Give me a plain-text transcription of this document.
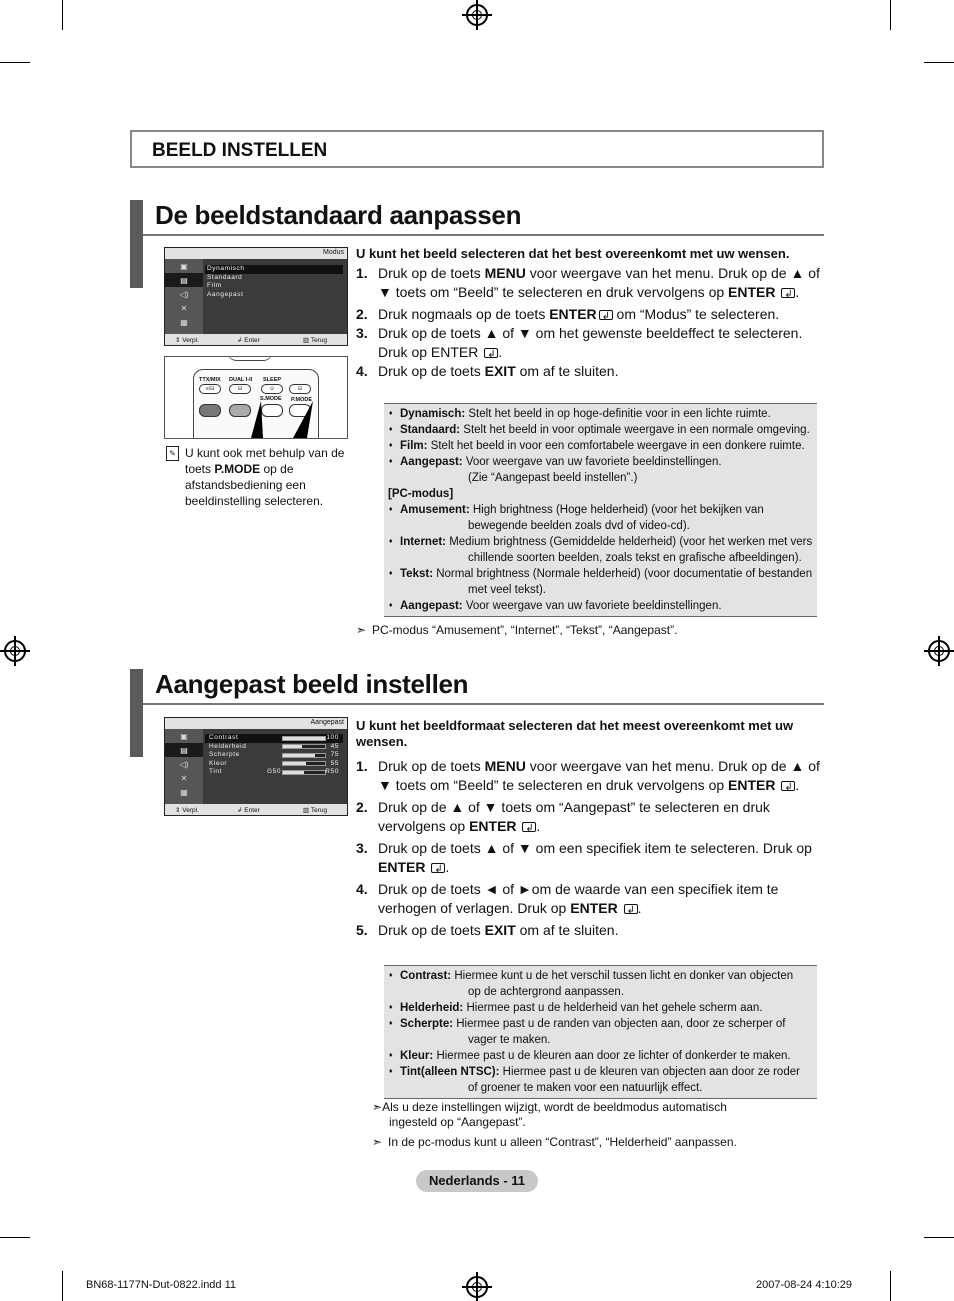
BEELD INSTELLEN
De beeldstandaard aanpassen
Modus
▣
▤
◁)
✕
▦
Dynamisch
Standaard
Film
Aangepast
⇕ Verpl.	↲ Enter	▥ Terug
TTX/MIX DUAL I-II SLEEP
≡/⊟	⊟	⊙
S.MODE P.MODE
⊟
✎ U kunt ook met behulp van de toets P.MODE op de afstandsbediening een beeldinstelling selecteren.
U kunt het beeld selecteren dat het best overeenkomt met uw wensen.
1. Druk op de toets MENU voor weergave van het menu. Druk op de ▲ of ▼ toets om “Beeld” te selecteren en druk vervolgens op ENTER ↲ .
2. Druk nogmaals op de toets ENTER↲ om “Modus” te selecteren.
3. Druk op de toets ▲ of ▼ om het gewenste beeldeffect te selecteren. Druk op ENTER ↲.
4. Druk op de toets EXIT om af te sluiten.
♦ Dynamisch: Stelt het beeld in op hoge-definitie voor in een lichte ruimte.
♦ Standaard: Stelt het beeld in voor optimale weergave in een normale omgeving.
♦ Film: Stelt het beeld in voor een comfortabele weergave in een donkere ruimte.
♦ Aangepast: Voor weergave van uw favoriete beeldinstellingen.
(Zie “Aangepast beeld instellen”.)
[PC-modus]
♦ Amusement: High brightness (Hoge helderheid) (voor het bekijken van
bewegende beelden zoals dvd of video-cd).
♦ Internet: Medium brightness (Gemiddelde helderheid) (voor het werken met vers
chillende soorten beelden, zoals tekst en grafische afbeeldingen).
♦ Tekst: Normal brightness (Normale helderheid) (voor documentatie of bestanden
met veel tekst).
♦ Aangepast: Voor weergave van uw favoriete beeldinstellingen.
➣ PC-modus “Amusement”, “Internet”, “Tekst”, “Aangepast”.
Aangepast beeld instellen
Aangepast
▣
▤
◁)
✕
▦
Contrast	100
Helderheid	45
Scherpte	75
Kleur	55
Tint	G50	R50
⇕ Verpl.	↲ Enter	▥ Terug
U kunt het beeldformaat selecteren dat het meest overeenkomt met uw wensen.
1. Druk op de toets MENU voor weergave van het menu. Druk op de ▲ of ▼ toets om “Beeld” te selecteren en druk vervolgens op ENTER ↲ .
2. Druk op de ▲ of ▼ toets om “Aangepast” te selecteren en druk vervolgens op ENTER ↲ .
3. Druk op de toets ▲ of ▼ om een specifiek item te selecteren. Druk op ENTER ↲ .
4. Druk op de toets ◄ of ►om de waarde van een specifiek item te verhogen of verlagen. Druk op ENTER ↲ .
5. Druk op de toets EXIT om af te sluiten.
♦ Contrast: Hiermee kunt u de het verschil tussen licht en donker van objecten
op de achtergrond aanpassen.
♦ Helderheid: Hiermee past u de helderheid van het gehele scherm aan.
♦ Scherpte: Hiermee past u de randen van objecten aan, door ze scherper of
vager te maken.
♦ Kleur: Hiermee past u de kleuren aan door ze lichter of donkerder te maken.
♦ Tint(alleen NTSC): Hiermee past u de kleuren van objecten aan door ze roder
of groener te maken voor een natuurlijk effect.
➣Als u deze instellingen wijzigt, wordt de beeldmodus automatisch
ingesteld op “Aangepast”.
➣ In de pc-modus kunt u alleen “Contrast”, “Helderheid” aanpassen.
Nederlands - 11
BN68-1177N-Dut-0822.indd 11	2007-08-24 4:10:29
